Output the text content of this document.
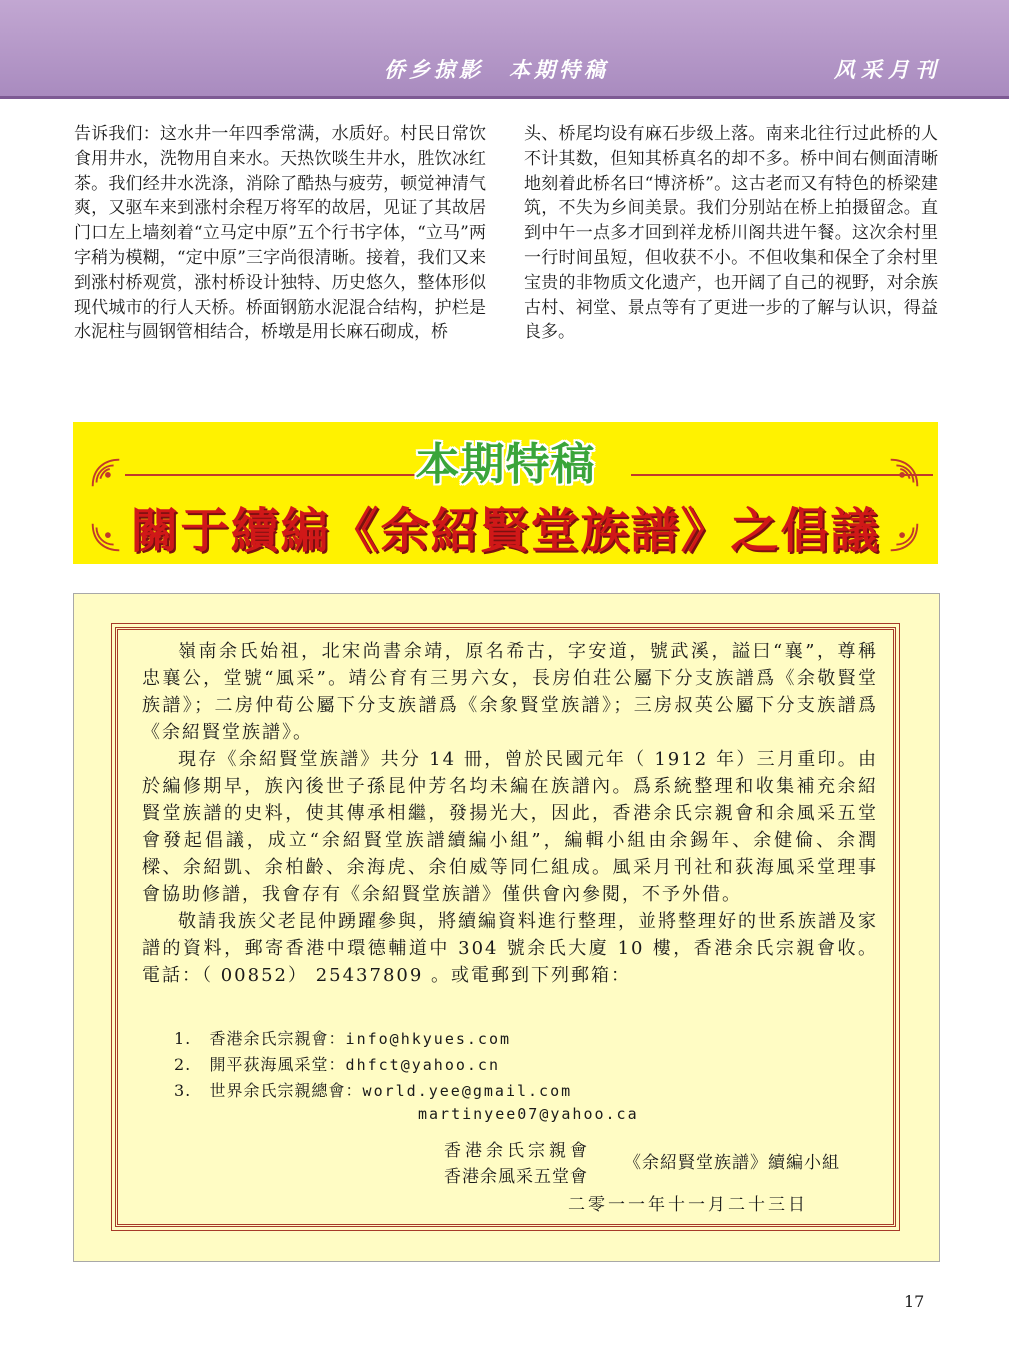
侨乡掠影　本期特稿	风采月刊

告诉我们：这水井一年四季常满，水质好。村民日常饮食用井水，洗物用自来水。天热饮啖生井水，胜饮冰红茶。我们经井水洗涤，消除了酷热与疲劳，顿觉神清气爽，又驱车来到涨村余程万将军的故居，见证了其故居门口左上墙刻着“立马定中原”五个行书字体，“立马”两字稍为模糊，“定中原”三字尚很清晰。接着，我们又来到涨村桥观赏，涨村桥设计独特、历史悠久，整体形似现代城市的行人天桥。桥面钢筋水泥混合结构，护栏是水泥柱与圆钢管相结合，桥墩是用长麻石砌成，桥

头、桥尾均设有麻石步级上落。南来北往行过此桥的人不计其数，但知其桥真名的却不多。桥中间右侧面清晰地刻着此桥名曰“博济桥”。这古老而又有特色的桥梁建筑，不失为乡间美景。我们分别站在桥上拍摄留念。直到中午一点多才回到祥龙桥川阁共进午餐。这次余村里一行时间虽短，但收获不小。不但收集和保全了余村里宝贵的非物质文化遗产，也开阔了自己的视野，对余族古村、祠堂、景点等有了更进一步的了解与认识，得益良多。

本期特稿
關于續編《余紹賢堂族譜》之倡議

嶺南余氏始祖，北宋尚書余靖，原名希古，字安道，號武溪，謚曰“襄”，尊稱忠襄公，堂號“風采”。靖公育有三男六女，長房伯荘公屬下分支族譜爲《余敬賢堂族譜》；二房仲荀公屬下分支族譜爲《余象賢堂族譜》；三房叔英公屬下分支族譜爲《余紹賢堂族譜》。

現存《余紹賢堂族譜》共分 14 冊，曾於民國元年（ 1912 年）三月重印。由於編修期早，族內後世子孫昆仲芳名均未編在族譜內。爲系統整理和收集補充余紹賢堂族譜的史料，使其傳承相繼，發揚光大，因此，香港余氏宗親會和余風采五堂會發起倡議，成立“余紹賢堂族譜續編小組”，編輯小組由余錫年、余健倫、余潤樑、余紹凱、余柏齡、余海虎、余伯威等同仁組成。風采月刊社和荻海風采堂理事會協助修譜，我會存有《余紹賢堂族譜》僅供會內參閱，不予外借。

敬請我族父老昆仲踴躍參與，將續編資料進行整理，並將整理好的世系族譜及家譜的資料，郵寄香港中環德輔道中 304 號余氏大廈 10 樓，香港余氏宗親會收。電話：（ 00852） 25437809 。或電郵到下列郵箱：

1. 香港余氏宗親會：info@hkyues.com
2. 開平荻海風采堂：dhfct@yahoo.cn
3. 世界余氏宗親總會：world.yee@gmail.com
martinyee07@yahoo.ca
香港余氏宗親會
香港余風采五堂會
《余紹賢堂族譜》續編小組
二零一一年十一月二十三日
17
